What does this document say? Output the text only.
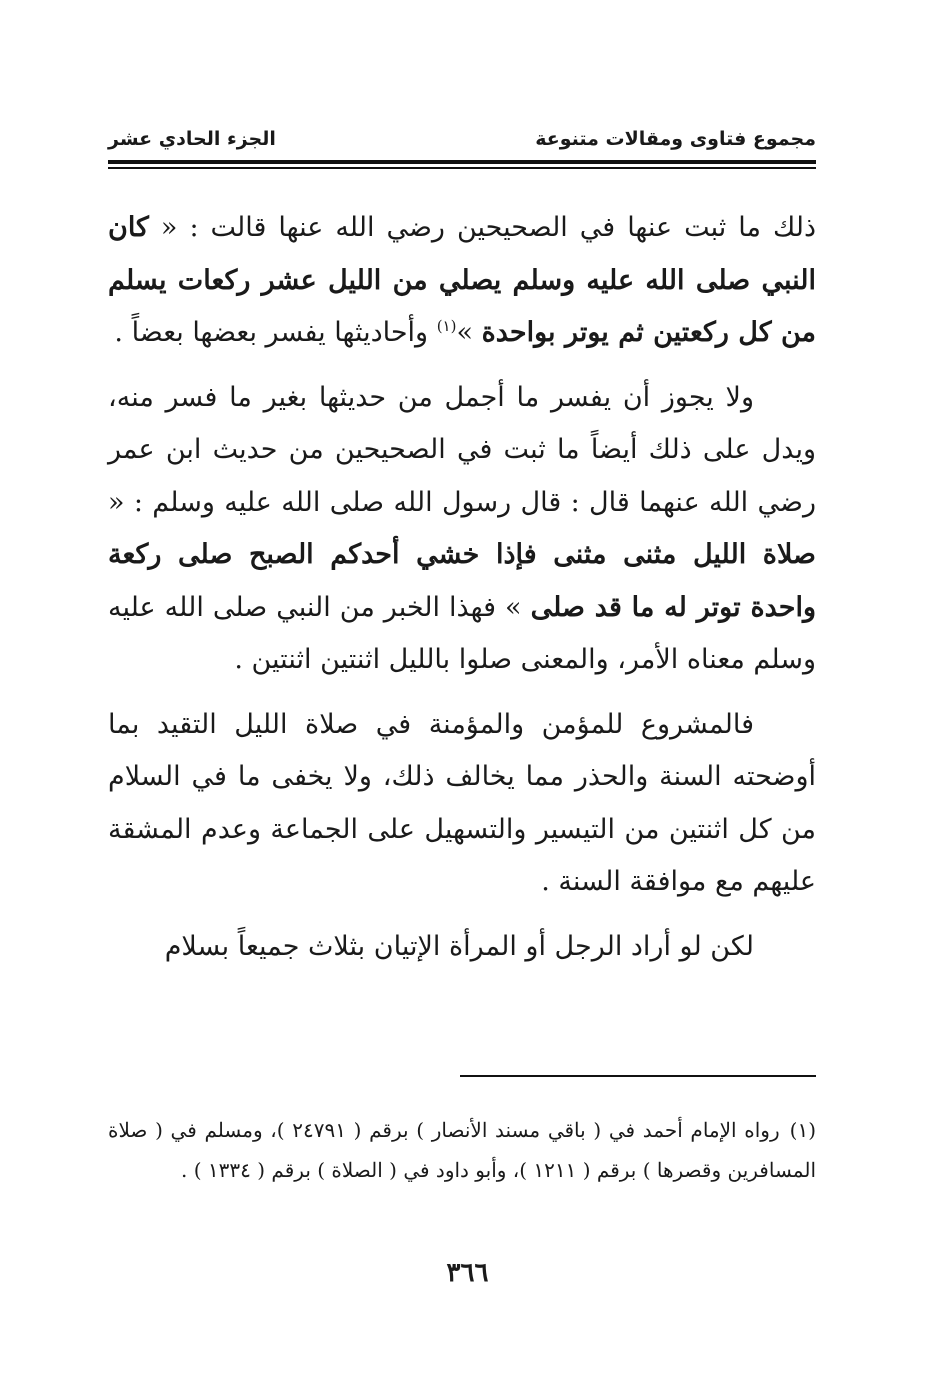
مجموع فتاوى ومقالات متنوعة
الجزء الحادي عشر

ذلك ما ثبت عنها في الصحيحين رضي الله عنها قالت : « كان النبي صلى الله عليه وسلم يصلي من الليل عشر ركعات يسلم من كل ركعتين ثم يوتر بواحدة »$^{(١)}$ وأحاديثها يفسر بعضها بعضاً .

ولا يجوز أن يفسر ما أجمل من حديثها بغير ما فسر منه، ويدل على ذلك أيضاً ما ثبت في الصحيحين من حديث ابن عمر رضي الله عنهما قال : قال رسول الله صلى الله عليه وسلم : « صلاة الليل مثنى مثنى فإذا خشي أحدكم الصبح صلى ركعة واحدة توتر له ما قد صلى » فهذا الخبر من النبي صلى الله عليه وسلم معناه الأمر، والمعنى صلوا بالليل اثنتين اثنتين .

فالمشروع للمؤمن والمؤمنة في صلاة الليل التقيد بما أوضحته السنة والحذر مما يخالف ذلك، ولا يخفى ما في السلام من كل اثنتين من التيسير والتسهيل على الجماعة وعدم المشقة عليهم مع موافقة السنة .

لكن لو أراد الرجل أو المرأة الإتيان بثلاث جميعاً بسلام

(١)رواه الإمام أحمد في ( باقي مسند الأنصار ) برقم ( ٢٤٧٩١ )، ومسلم في ( صلاة المسافرين وقصرها ) برقم ( ١٢١١ )، وأبو داود في ( الصلاة ) برقم ( ١٣٣٤ ) .
٣٦٦
